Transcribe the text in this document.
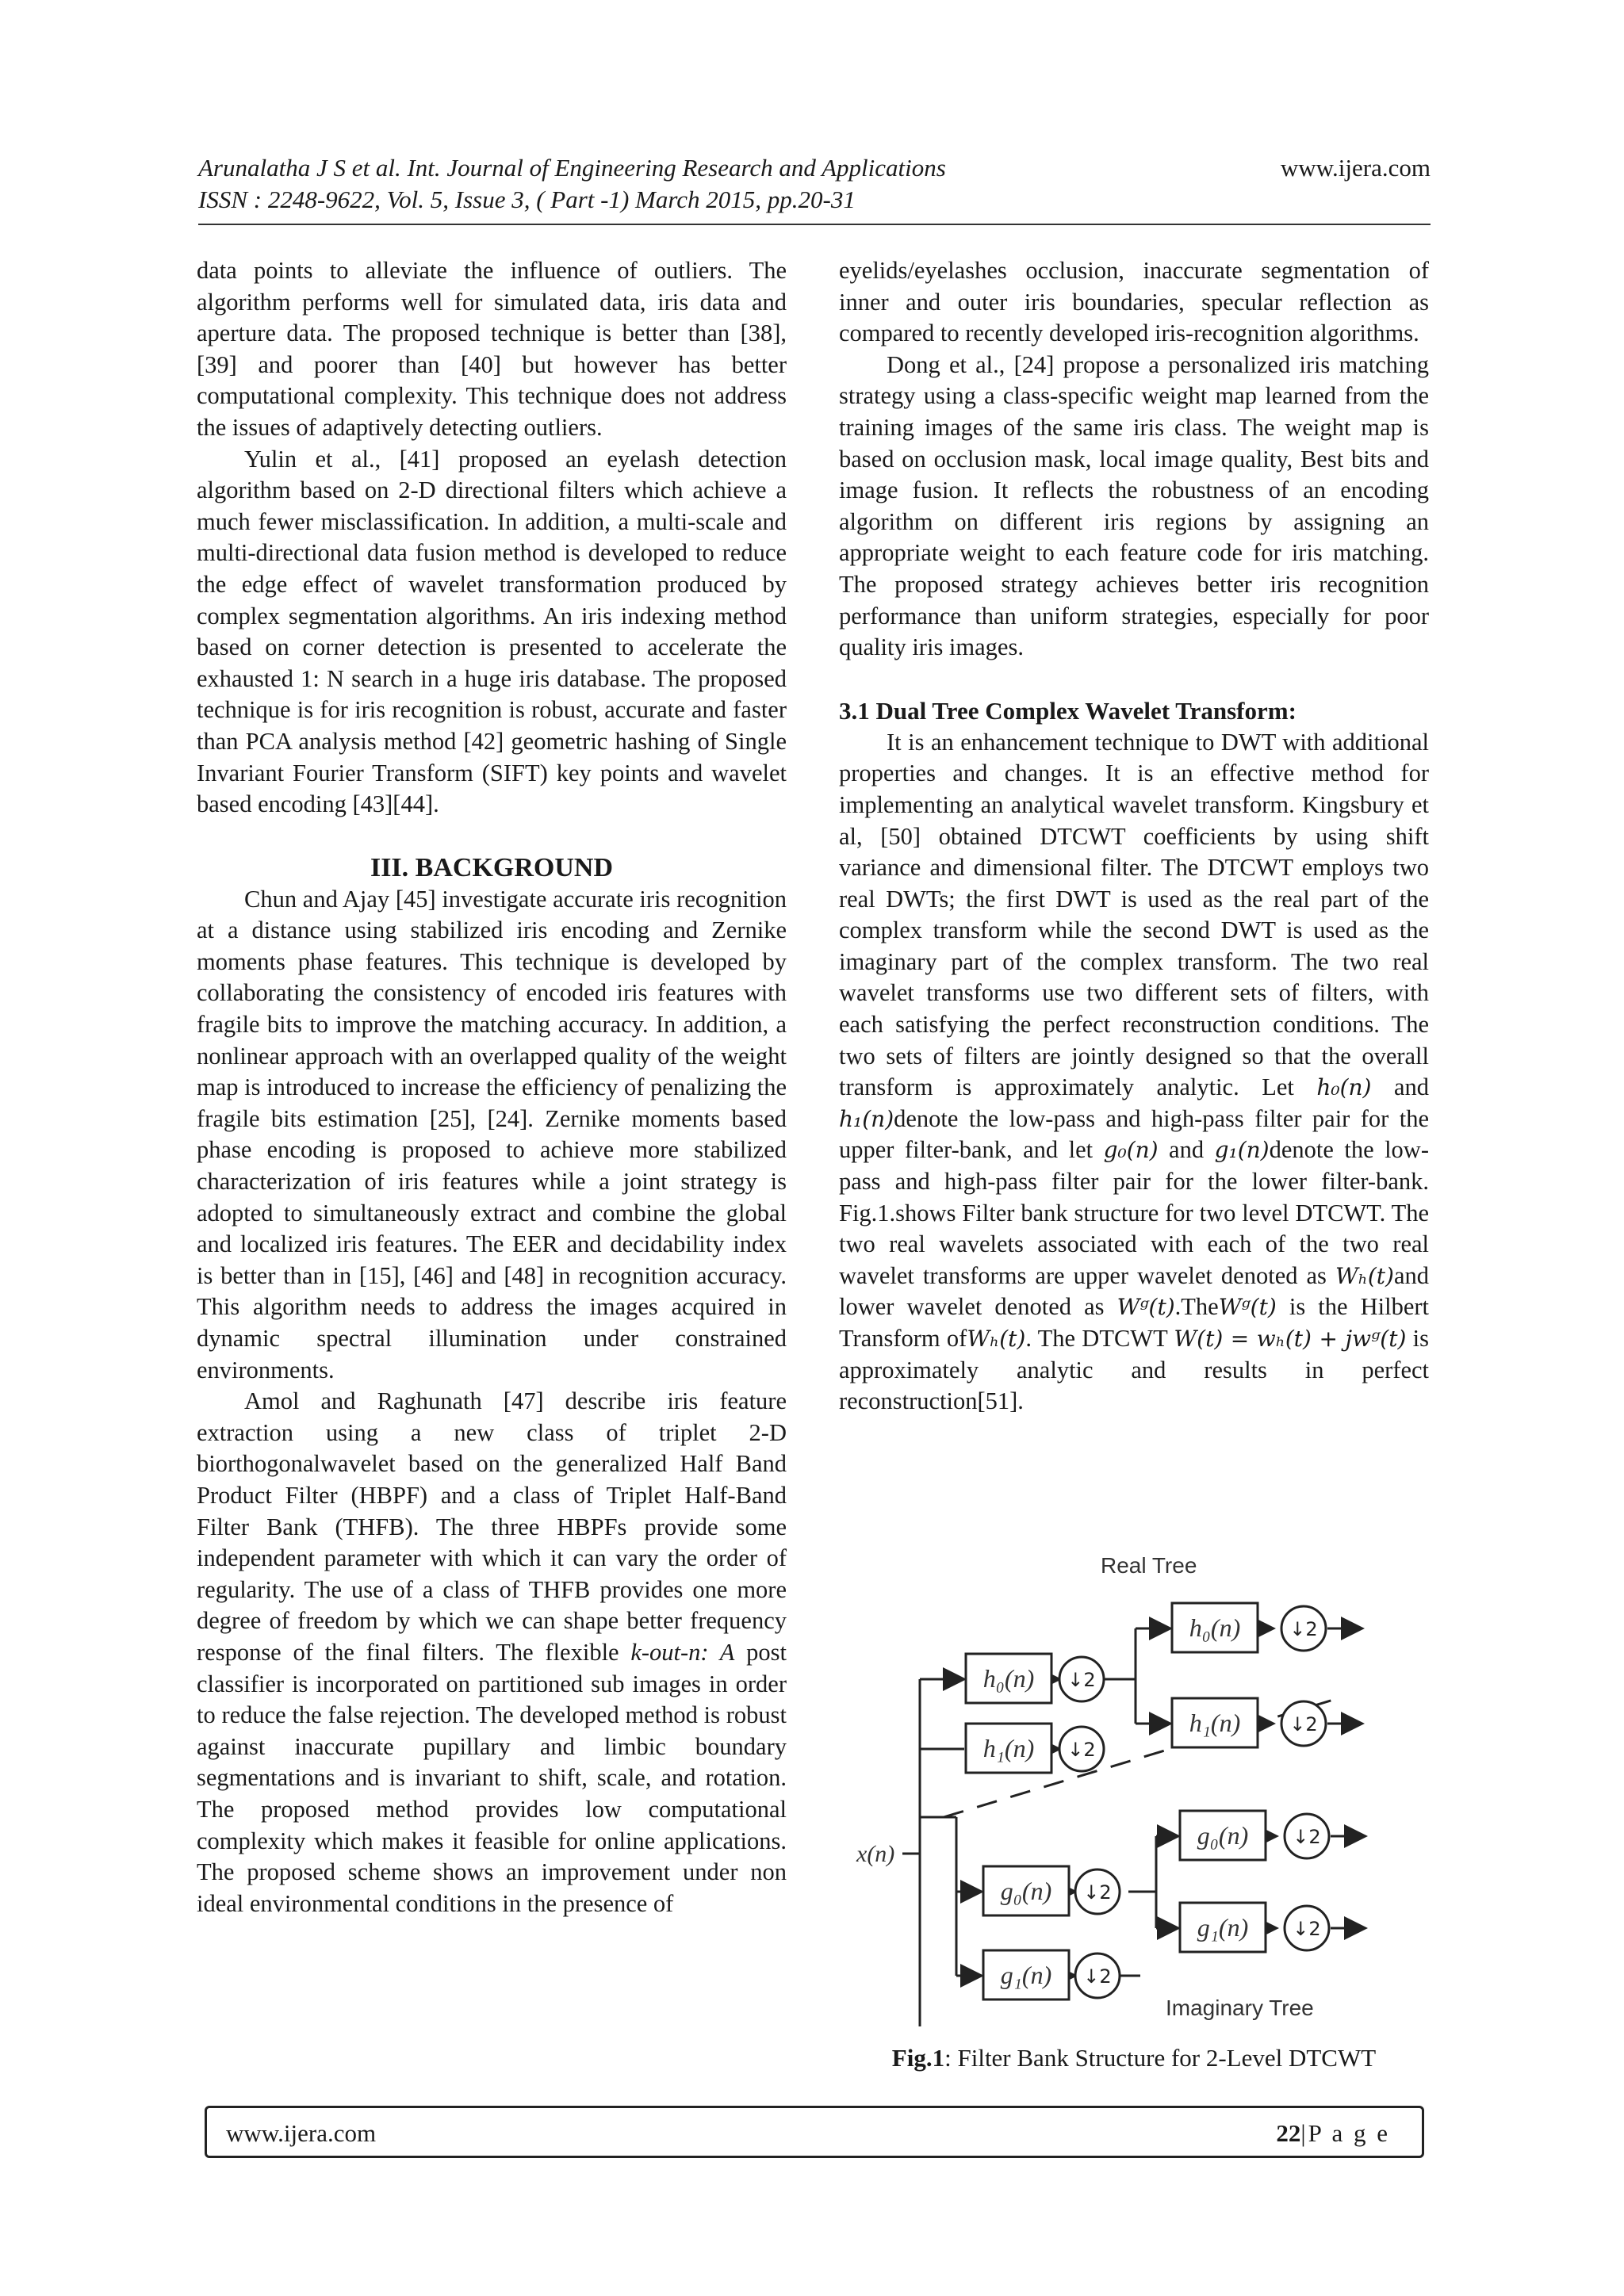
Arunalatha J S et al. Int. Journal of Engineering Research and Applications
ISSN : 2248-9622, Vol. 5, Issue 3, ( Part -1) March 2015, pp.20-31
www.ijera.com

data points to alleviate the influence of outliers. The algorithm performs well for simulated data, iris data and aperture data. The proposed technique is better than [38], [39] and poorer than [40] but however has better computational complexity. This technique does not address the issues of adaptively detecting outliers.

Yulin et al., [41] proposed an eyelash detection algorithm based on 2-D directional filters which achieve a much fewer misclassification. In addition, a multi-scale and multi-directional data fusion method is developed to reduce the edge effect of wavelet transformation produced by complex segmentation algorithms. An iris indexing method based on corner detection is presented to accelerate the exhausted 1: N search in a huge iris database. The proposed technique is for iris recognition is robust, accurate and faster than PCA analysis method [42] geometric hashing of Single Invariant Fourier Transform (SIFT) key points and wavelet based encoding [43][44].

III. BACKGROUND

Chun and Ajay [45] investigate accurate iris recognition at a distance using stabilized iris encoding and Zernike moments phase features. This technique is developed by collaborating the consistency of encoded iris features with fragile bits to improve the matching accuracy. In addition, a nonlinear approach with an overlapped quality of the weight map is introduced to increase the efficiency of penalizing the fragile bits estimation [25], [24]. Zernike moments based phase encoding is proposed to achieve more stabilized characterization of iris features while a joint strategy is adopted to simultaneously extract and combine the global and localized iris features. The EER and decidability index is better than in [15], [46] and [48] in recognition accuracy. This algorithm needs to address the images acquired in dynamic spectral illumination under constrained environments.

Amol and Raghunath [47] describe iris feature extraction using a new class of triplet 2-D biorthogonalwavelet based on the generalized Half Band Product Filter (HBPF) and a class of Triplet Half-Band Filter Bank (THFB). The three HBPFs provide some independent parameter with which it can vary the order of regularity. The use of a class of THFB provides one more degree of freedom by which we can shape better frequency response of the final filters. The flexible k-out-n: A post classifier is incorporated on partitioned sub images in order to reduce the false rejection. The developed method is robust against inaccurate pupillary and limbic boundary segmentations and is invariant to shift, scale, and rotation. The proposed method provides low computational complexity which makes it feasible for online applications. The proposed scheme shows an improvement under non ideal environmental conditions in the presence of

eyelids/eyelashes occlusion, inaccurate segmentation of inner and outer iris boundaries, specular reflection as compared to recently developed iris-recognition algorithms.

Dong et al., [24] propose a personalized iris matching strategy using a class-specific weight map learned from the training images of the same iris class. The weight map is based on occlusion mask, local image quality, Best bits and image fusion. It reflects the robustness of an encoding algorithm on different iris regions by assigning an appropriate weight to each feature code for iris matching. The proposed strategy achieves better iris recognition performance than uniform strategies, especially for poor quality iris images.

3.1 Dual Tree Complex Wavelet Transform:

It is an enhancement technique to DWT with additional properties and changes. It is an effective method for implementing an analytical wavelet transform. Kingsbury et al, [50] obtained DTCWT coefficients by using shift variance and dimensional filter. The DTCWT employs two real DWTs; the first DWT is used as the real part of the complex transform while the second DWT is used as the imaginary part of the complex transform. The two real wavelet transforms use two different sets of filters, with each satisfying the perfect reconstruction conditions. The two sets of filters are jointly designed so that the overall transform is approximately analytic. Let h₀(n) and h₁(n)denote the low-pass and high-pass filter pair for the upper filter-bank, and let g₀(n) and g₁(n)denote the low-pass and high-pass filter pair for the lower filter-bank. Fig.1.shows Filter bank structure for two level DTCWT. The two real wavelets associated with each of the two real wavelet transforms are upper wavelet denoted as Wₕ(t)and lower wavelet denoted as Wᵍ(t).TheWᵍ(t) is the Hilbert Transform ofWₕ(t). The DTCWT W(t) = wₕ(t) + jwᵍ(t) is approximately analytic and results in perfect reconstruction[51].

Real Tree
Imaginary Tree
x(n)
h₀(n)
h₁(n)
g₀(n)
g₁(n)
h₀(n)
h₁(n)
g₀(n)
g₁(n)
↓2
↓2
↓2
↓2
↓2
↓2
↓2
↓2
Fig.1: Filter Bank Structure for 2-Level DTCWT
www.ijera.com	22|P a g e
